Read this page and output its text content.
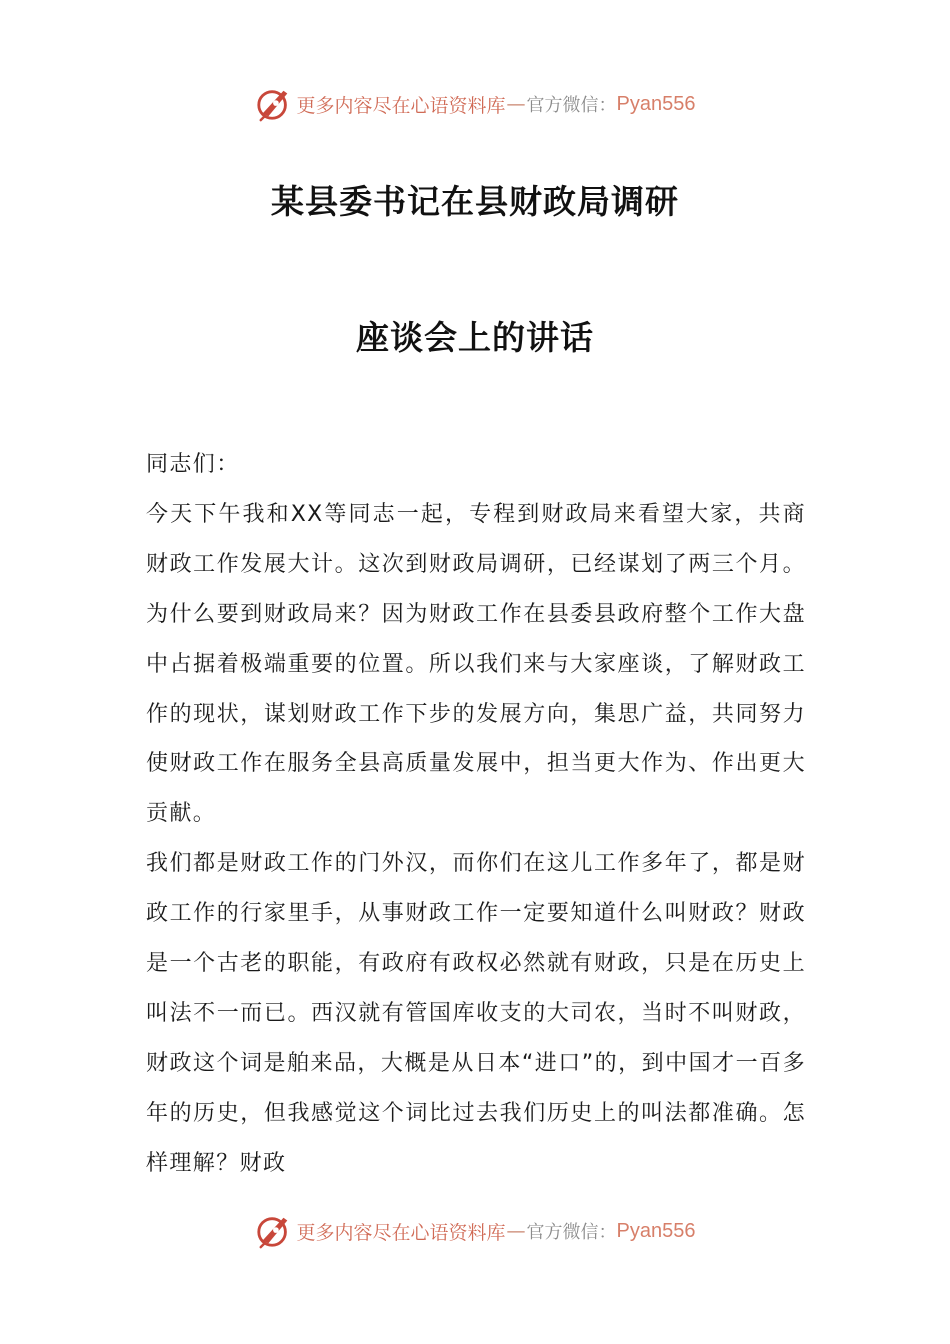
更多内容尽在心语资料库 — 官方微信： Pyan556
某县委书记在县财政局调研
座谈会上的讲话

同志们：

今天下午我和XX等同志一起，专程到财政局来看望大家，共商财政工作发展大计。这次到财政局调研，已经谋划了两三个月。为什么要到财政局来？因为财政工作在县委县政府整个工作大盘中占据着极端重要的位置。所以我们来与大家座谈，了解财政工作的现状，谋划财政工作下步的发展方向，集思广益，共同努力使财政工作在服务全县高质量发展中，担当更大作为、作出更大贡献。

我们都是财政工作的门外汉，而你们在这儿工作多年了，都是财政工作的行家里手，从事财政工作一定要知道什么叫财政？财政是一个古老的职能，有政府有政权必然就有财政，只是在历史上叫法不一而已。西汉就有管国库收支的大司农，当时不叫财政，财政这个词是舶来品，大概是从日本“进口”的，到中国才一百多年的历史，但我感觉这个词比过去我们历史上的叫法都准确。怎样理解？财政

更多内容尽在心语资料库 — 官方微信： Pyan556
